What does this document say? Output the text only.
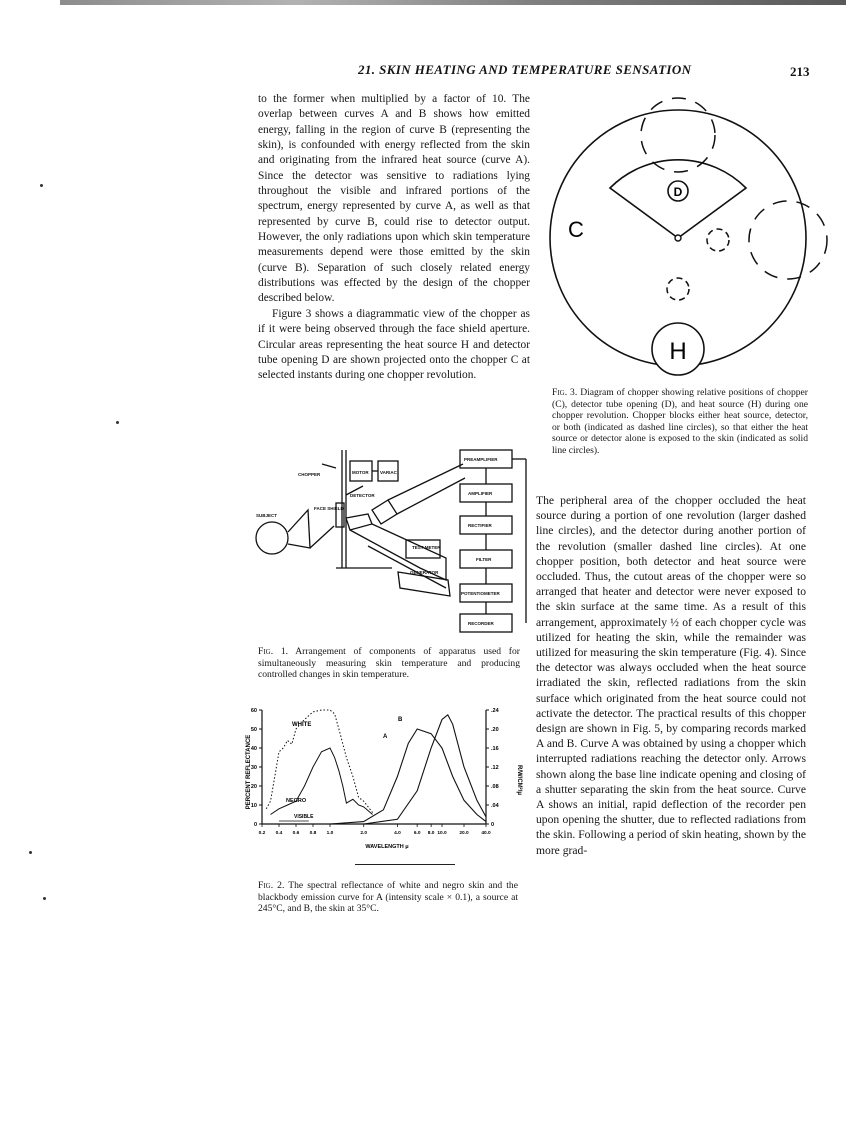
21. SKIN HEATING AND TEMPERATURE SENSATION	213

to the former when multiplied by a factor of 10. The overlap between curves A and B shows how emitted energy, falling in the region of curve B (representing the skin), is confounded with energy reflected from the skin and originating from the infrared heat source (curve A). Since the detector was sensitive to radiations lying throughout the visible and infrared portions of the spectrum, energy represented by curve A, as well as that represented by curve B, could rise to detector output. However, the only radiations upon which skin temperature measurements depend were those emitted by the skin (curve B). Separation of such closely related energy distributions was effected by the design of the chopper described below.

Figure 3 shows a diagrammatic view of the chopper as if it were being observed through the face shield aperture. Circular areas representing the heat source H and detector tube opening D are shown projected onto the chopper C at selected instants during one chopper revolution.

D
H
C
Fig. 3. Diagram of chopper showing relative positions of chopper (C), detector tube opening (D), and heat source (H) during one chopper revolution. Chopper blocks either heat source, detector, or both (indicated as dashed line circles), so that either the heat source or detector alone is exposed to the skin (indicated as solid line circles).
CHOPPER	MOTOR	VARIAC
DETECTOR
FACE SHIELD
SUBJECT
TEST METER
GENERATOR
PREAMPLIFIER
AMPLIFIER
RECTIFIER
FILTER
POTENTIOMETER
RECORDER
Fig. 1. Arrangement of components of apparatus used for simultaneously measuring skin temperature and producing controlled changes in skin temperature.
PERCENT REFLECTANCE	R/W/CM²/μ
WAVELENGTH μ
0
10
20
30
40
50
60
0
.04
.08
.12
.16
.20
.24
0.2 0.4 0.6 0.8 1.0	2.0	4.0	6.0 8.0 10.0	20.0	40.0
WHITE
NEGRO
VISIBLE
A
B
Fig. 2. The spectral reflectance of white and negro skin and the blackbody emission curve for A (intensity scale × 0.1), a source at 245°C, and B, the skin at 35°C.

The peripheral area of the chopper occluded the heat source during a portion of one revolution (larger dashed line circles), and the detector during another portion of the revolution (smaller dashed line circles). At one chopper position, both detector and heat source were occluded. Thus, the cutout areas of the chopper were so arranged that heater and detector were never exposed to the skin surface at the same time. As a result of this arrangement, approximately ½ of each chopper cycle was utilized for heating the skin, while the remainder was utilized for measuring the skin temperature (Fig. 4). Since the detector was always occluded when the heat source irradiated the skin, reflected radiations from the skin surface which originated from the heat source could not activate the detector. The practical results of this chopper design are shown in Fig. 5, by comparing records marked A and B. Curve A was obtained by using a chopper which interrupted radiations reaching the detector only. Arrows shown along the base line indicate opening and closing of a shutter separating the skin from the heat source. Curve A shows an initial, rapid deflection of the recorder pen upon opening the shutter, due to reflected radiations from the skin. Following a period of skin heating, shown by the more grad-
